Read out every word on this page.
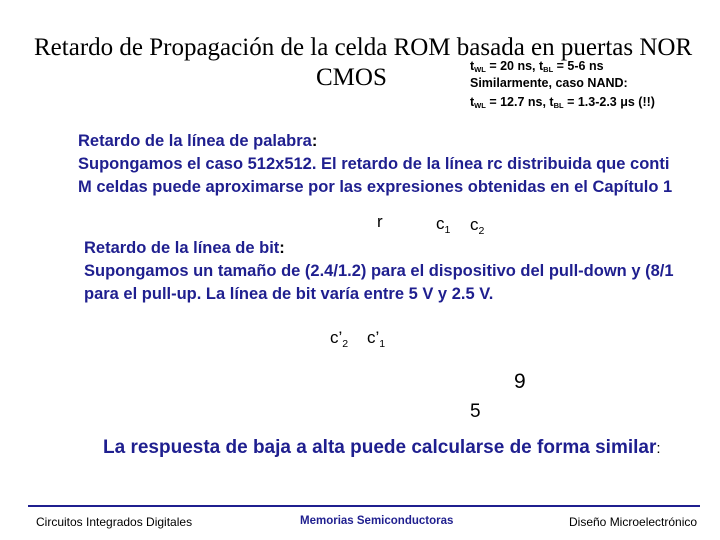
Retardo de Propagación de la celda ROM basada en puertas NOR
CMOS	$t_{WL} = 20$ ns, $t_{BL} = 5-6$ ns
Similarmente, caso NAND:
$t_{WL} = 12.7$ ns, $t_{BL} = 1.3-2.3$ μs (!!)
Retardo de la línea de palabra:
Supongamos el caso 512x512. El retardo de la línea rc distribuida que conti
M celdas puede aproximarse por las expresiones obtenidas en el Capítulo 1
r	$c_1$ $c_2$
Retardo de la línea de bit:
Supongamos un tamaño de (2.4/1.2) para el dispositivo del pull-down y (8/1
para el pull-up. La línea de bit varía entre 5 V y 2.5 V.
$c’_2$ $c’_1$
9
5
La respuesta de baja a alta puede calcularse de forma similar:
Circuitos Integrados Digitales	Memorias Semiconductoras	Diseño Microelectrónico
